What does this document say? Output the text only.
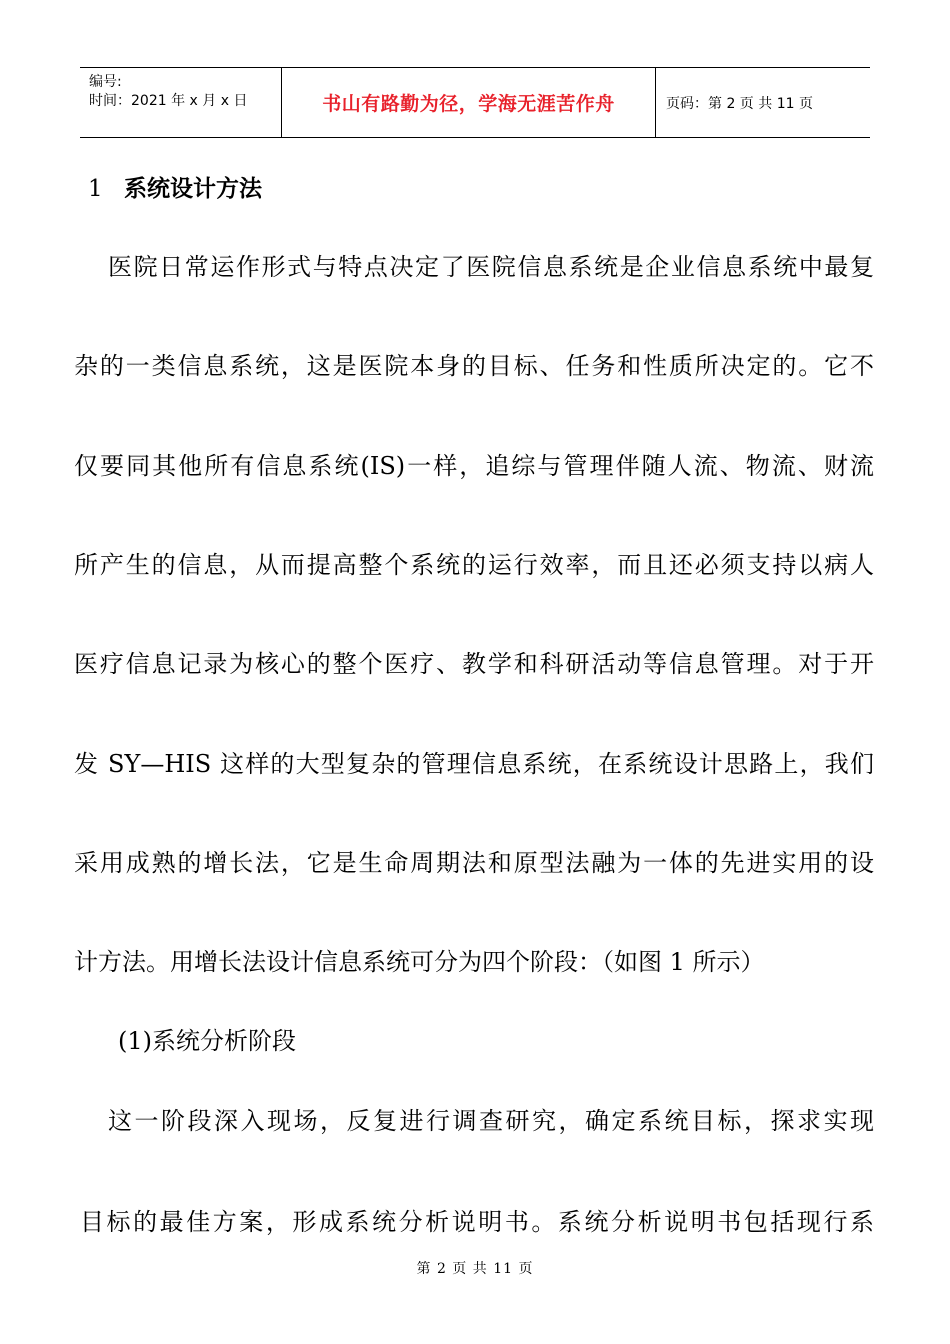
编号:
时间：2021 年 x 月 x 日	书山有路勤为径，学海无涯苦作舟	页码：第 2 页 共 11 页
1 系统设计方法
医院日常运作形式与特点决定了医院信息系统是企业信息系统中最复
杂的一类信息系统，这是医院本身的目标、任务和性质所决定的。它不
仅要同其他所有信息系统(IS)一样，追综与管理伴随人流、物流、财流
所产生的信息，从而提高整个系统的运行效率，而且还必须支持以病人
医疗信息记录为核心的整个医疗、教学和科研活动等信息管理。对于开
发 SY—HIS 这样的大型复杂的管理信息系统，在系统设计思路上，我们
采用成熟的增长法，它是生命周期法和原型法融为一体的先进实用的设
计方法。用增长法设计信息系统可分为四个阶段：（如图 1 所示）
(1)系统分析阶段
这一阶段深入现场，反复进行调查研究，确定系统目标，探求实现
目标的最佳方案，形成系统分析说明书。系统分析说明书包括现行系
第 2 页 共 11 页
